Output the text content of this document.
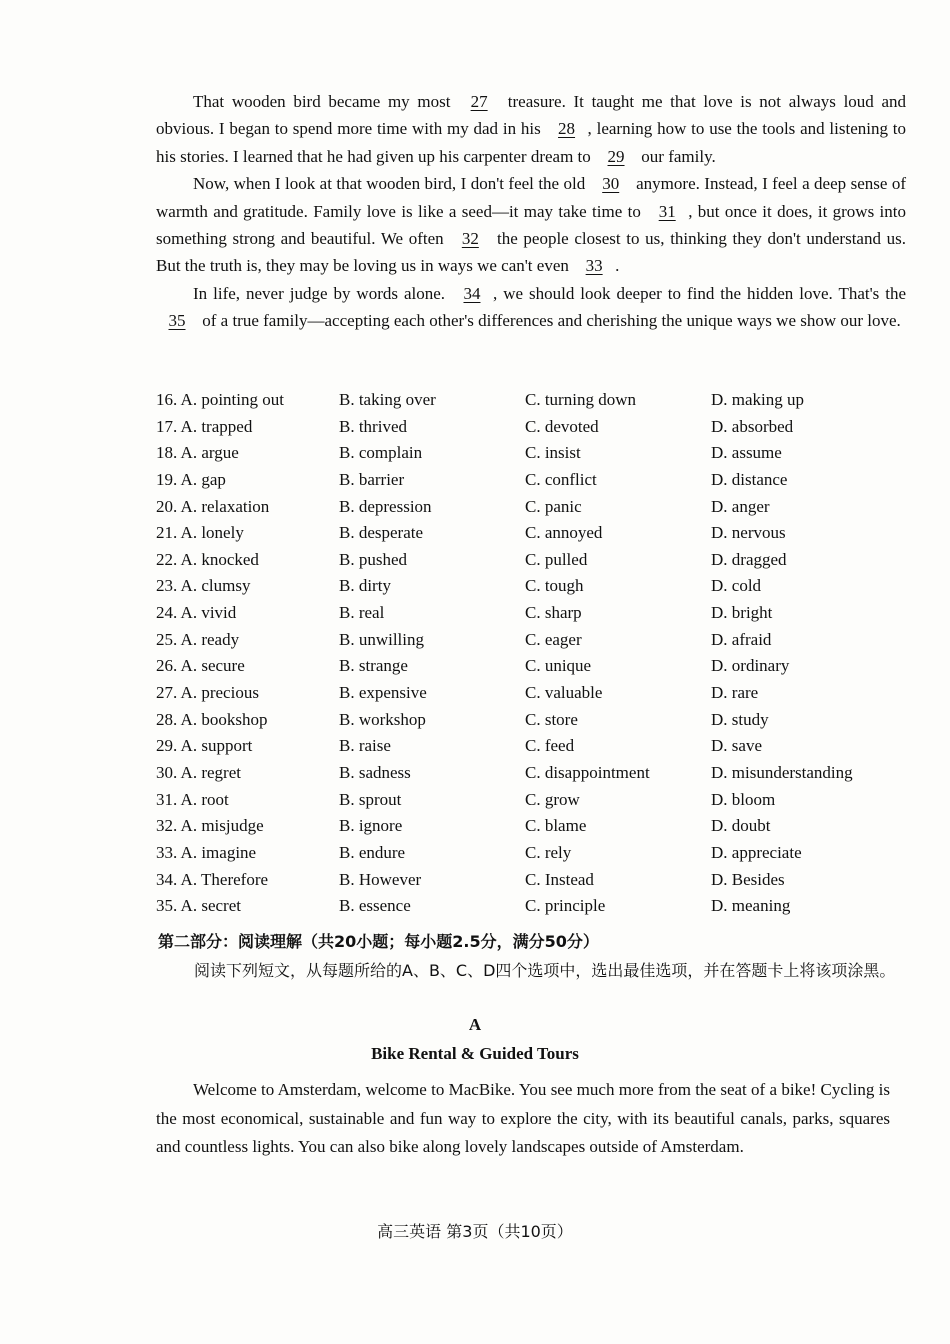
That wooden bird became my most 27 treasure. It taught me that love is not always loud and obvious. I began to spend more time with my dad in his 28 , learning how to use the tools and listening to his stories. I learned that he had given up his carpenter dream to 29 our family.

Now, when I look at that wooden bird, I don't feel the old 30 anymore. Instead, I feel a deep sense of warmth and gratitude. Family love is like a seed—it may take time to 31 , but once it does, it grows into something strong and beautiful. We often 32 the people closest to us, thinking they don't understand us. But the truth is, they may be loving us in ways we can't even 33 .

In life, never judge by words alone. 34 , we should look deeper to find the hidden love. That's the 35 of a true family—accepting each other's differences and cherishing the unique ways we show our love.

16. A. pointing out	B. taking over	C. turning down	D. making up
17. A. trapped	B. thrived	C. devoted	D. absorbed
18. A. argue	B. complain	C. insist	D. assume
19. A. gap	B. barrier	C. conflict	D. distance
20. A. relaxation	B. depression	C. panic	D. anger
21. A. lonely	B. desperate	C. annoyed	D. nervous
22. A. knocked	B. pushed	C. pulled	D. dragged
23. A. clumsy	B. dirty	C. tough	D. cold
24. A. vivid	B. real	C. sharp	D. bright
25. A. ready	B. unwilling	C. eager	D. afraid
26. A. secure	B. strange	C. unique	D. ordinary
27. A. precious	B. expensive	C. valuable	D. rare
28. A. bookshop	B. workshop	C. store	D. study
29. A. support	B. raise	C. feed	D. save
30. A. regret	B. sadness	C. disappointment	D. misunderstanding
31. A. root	B. sprout	C. grow	D. bloom
32. A. misjudge	B. ignore	C. blame	D. doubt
33. A. imagine	B. endure	C. rely	D. appreciate
34. A. Therefore	B. However	C. Instead	D. Besides
35. A. secret	B. essence	C. principle	D. meaning
第二部分：阅读理解（共20小题；每小题2.5分，满分50分）
阅读下列短文，从每题所给的A、B、C、D四个选项中，选出最佳选项，并在答题卡上将该项涂黑。
A
Bike Rental & Guided Tours

Welcome to Amsterdam, welcome to MacBike. You see much more from the seat of a bike! Cycling is the most economical, sustainable and fun way to explore the city, with its beautiful canals, parks, squares and countless lights. You can also bike along lovely landscapes outside of Amsterdam.

高三英语 第3页（共10页）
